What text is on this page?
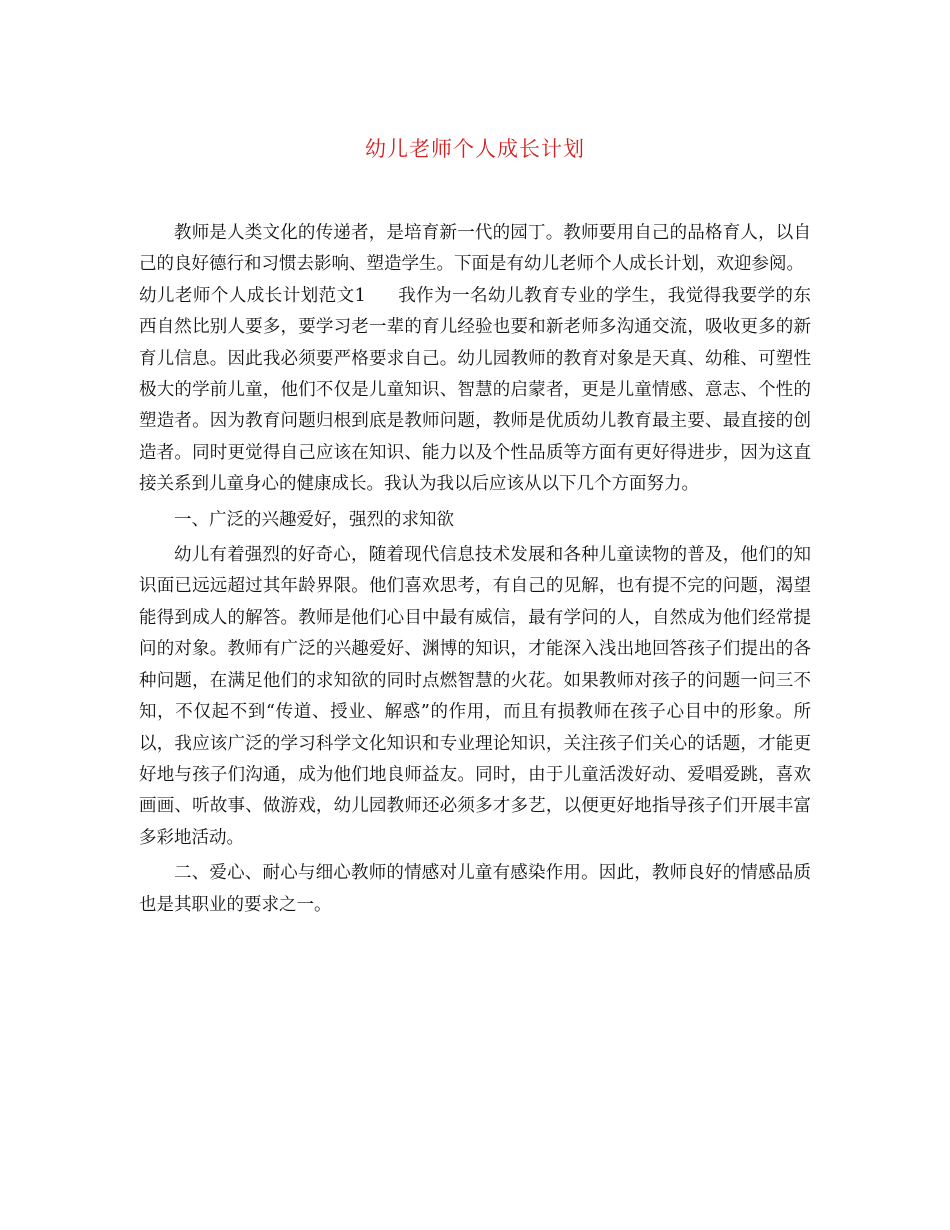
幼儿老师个人成长计划

教师是人类文化的传递者，是培育新一代的园丁。教师要用自己的品格育人，以自己的良好德行和习惯去影响、塑造学生。下面是有幼儿老师个人成长计划，欢迎参阅。

幼儿老师个人成长计划范文1 我作为一名幼儿教育专业的学生，我觉得我要学的东西自然比别人要多，要学习老一辈的育儿经验也要和新老师多沟通交流，吸收更多的新育儿信息。因此我必须要严格要求自己。幼儿园教师的教育对象是天真、幼稚、可塑性极大的学前儿童，他们不仅是儿童知识、智慧的启蒙者，更是儿童情感、意志、个性的塑造者。因为教育问题归根到底是教师问题，教师是优质幼儿教育最主要、最直接的创造者。同时更觉得自己应该在知识、能力以及个性品质等方面有更好得进步，因为这直接关系到儿童身心的健康成长。我认为我以后应该从以下几个方面努力。

一、广泛的兴趣爱好，强烈的求知欲

幼儿有着强烈的好奇心，随着现代信息技术发展和各种儿童读物的普及，他们的知识面已远远超过其年龄界限。他们喜欢思考，有自己的见解，也有提不完的问题，渴望能得到成人的解答。教师是他们心目中最有威信，最有学问的人，自然成为他们经常提问的对象。教师有广泛的兴趣爱好、渊博的知识，才能深入浅出地回答孩子们提出的各种问题，在满足他们的求知欲的同时点燃智慧的火花。如果教师对孩子的问题一问三不知，不仅起不到“传道、授业、解惑”的作用，而且有损教师在孩子心目中的形象。所以，我应该广泛的学习科学文化知识和专业理论知识，关注孩子们关心的话题，才能更好地与孩子们沟通，成为他们地良师益友。同时，由于儿童活泼好动、爱唱爱跳，喜欢画画、听故事、做游戏，幼儿园教师还必须多才多艺，以便更好地指导孩子们开展丰富多彩地活动。

二、爱心、耐心与细心教师的情感对儿童有感染作用。因此，教师良好的情感品质也是其职业的要求之一。
